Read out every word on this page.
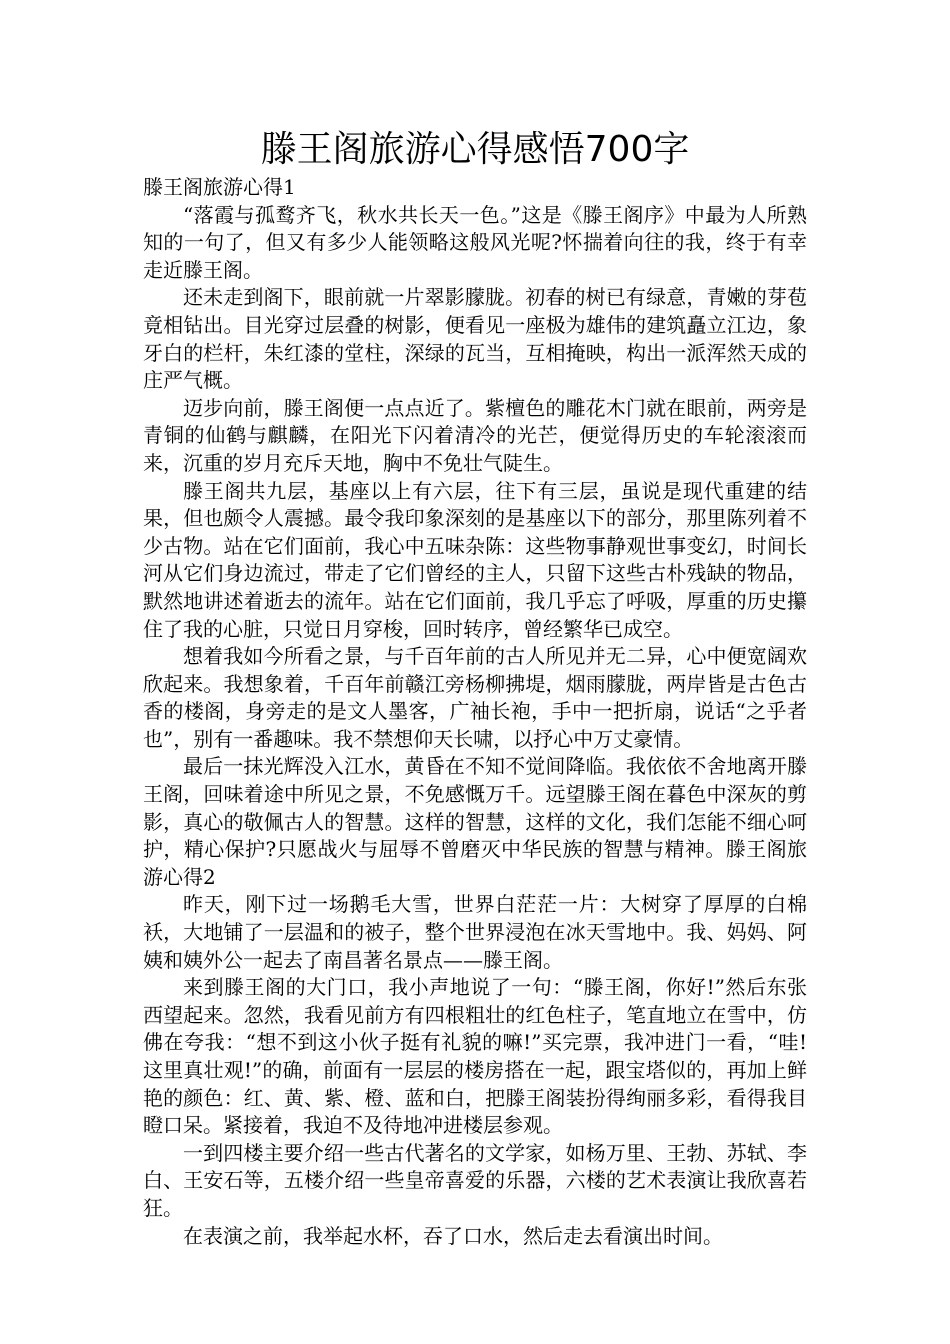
滕王阁旅游心得感悟700字

滕王阁旅游心得1

“落霞与孤鹜齐飞，秋水共长天一色。”这是《滕王阁序》中最为人所熟知的一句了，但又有多少人能领略这般风光呢?怀揣着向往的我，终于有幸走近滕王阁。

还未走到阁下，眼前就一片翠影朦胧。初春的树已有绿意，青嫩的芽苞竟相钻出。目光穿过层叠的树影，便看见一座极为雄伟的建筑矗立江边，象牙白的栏杆，朱红漆的堂柱，深绿的瓦当，互相掩映，构出一派浑然天成的庄严气概。

迈步向前，滕王阁便一点点近了。紫檀色的雕花木门就在眼前，两旁是青铜的仙鹤与麒麟，在阳光下闪着清冷的光芒，便觉得历史的车轮滚滚而来，沉重的岁月充斥天地，胸中不免壮气陡生。

滕王阁共九层，基座以上有六层，往下有三层，虽说是现代重建的结果，但也颇令人震撼。最令我印象深刻的是基座以下的部分，那里陈列着不少古物。站在它们面前，我心中五味杂陈：这些物事静观世事变幻，时间长河从它们身边流过，带走了它们曾经的主人，只留下这些古朴残缺的物品，默然地讲述着逝去的流年。站在它们面前，我几乎忘了呼吸，厚重的历史攥住了我的心脏，只觉日月穿梭，回时转序，曾经繁华已成空。

想着我如今所看之景，与千百年前的古人所见并无二异，心中便宽阔欢欣起来。我想象着，千百年前赣江旁杨柳拂堤，烟雨朦胧，两岸皆是古色古香的楼阁，身旁走的是文人墨客，广袖长袍，手中一把折扇，说话“之乎者也”，别有一番趣味。我不禁想仰天长啸，以抒心中万丈豪情。

最后一抹光辉没入江水，黄昏在不知不觉间降临。我依依不舍地离开滕王阁，回味着途中所见之景，不免感慨万千。远望滕王阁在暮色中深灰的剪影，真心的敬佩古人的智慧。这样的智慧，这样的文化，我们怎能不细心呵护，精心保护?只愿战火与屈辱不曾磨灭中华民族的智慧与精神。滕王阁旅游心得2

昨天，刚下过一场鹅毛大雪，世界白茫茫一片：大树穿了厚厚的白棉袄，大地铺了一层温和的被子，整个世界浸泡在冰天雪地中。我、妈妈、阿姨和姨外公一起去了南昌著名景点——滕王阁。

来到滕王阁的大门口，我小声地说了一句：“滕王阁，你好!”然后东张西望起来。忽然，我看见前方有四根粗壮的红色柱子，笔直地立在雪中，仿佛在夸我：“想不到这小伙子挺有礼貌的嘛!”买完票，我冲进门一看，“哇!这里真壮观!”的确，前面有一层层的楼房搭在一起，跟宝塔似的，再加上鲜艳的颜色：红、黄、紫、橙、蓝和白，把滕王阁装扮得绚丽多彩，看得我目瞪口呆。紧接着，我迫不及待地冲进楼层参观。

一到四楼主要介绍一些古代著名的文学家，如杨万里、王勃、苏轼、李白、王安石等，五楼介绍一些皇帝喜爱的乐器，六楼的艺术表演让我欣喜若狂。

在表演之前，我举起水杯，吞了口水，然后走去看演出时间。
